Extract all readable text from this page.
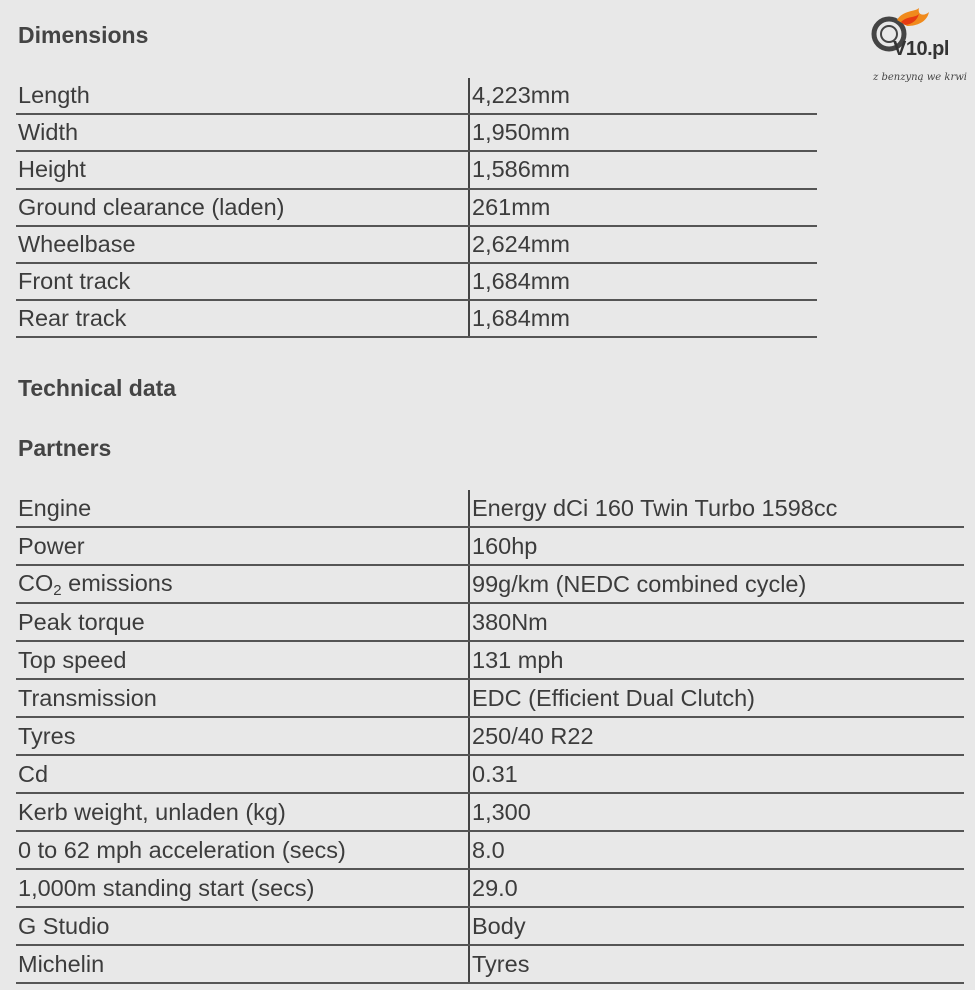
V10.pl
z benzyną we krwi
Dimensions
Length	4,223mm
Width	1,950mm
Height	1,586mm
Ground clearance (laden)	261mm
Wheelbase	2,624mm
Front track	1,684mm
Rear track	1,684mm
Technical data
Partners
Engine	Energy dCi 160 Twin Turbo 1598cc
Power	160hp
$CO_2$ emissions	99g/km (NEDC combined cycle)
Peak torque	380Nm
Top speed	131 mph
Transmission	EDC (Efficient Dual Clutch)
Tyres	250/40 R22
Cd	0.31
Kerb weight, unladen (kg)	1,300
0 to 62 mph acceleration (secs)	8.0
1,000m standing start (secs)	29.0
G Studio	Body
Michelin	Tyres
